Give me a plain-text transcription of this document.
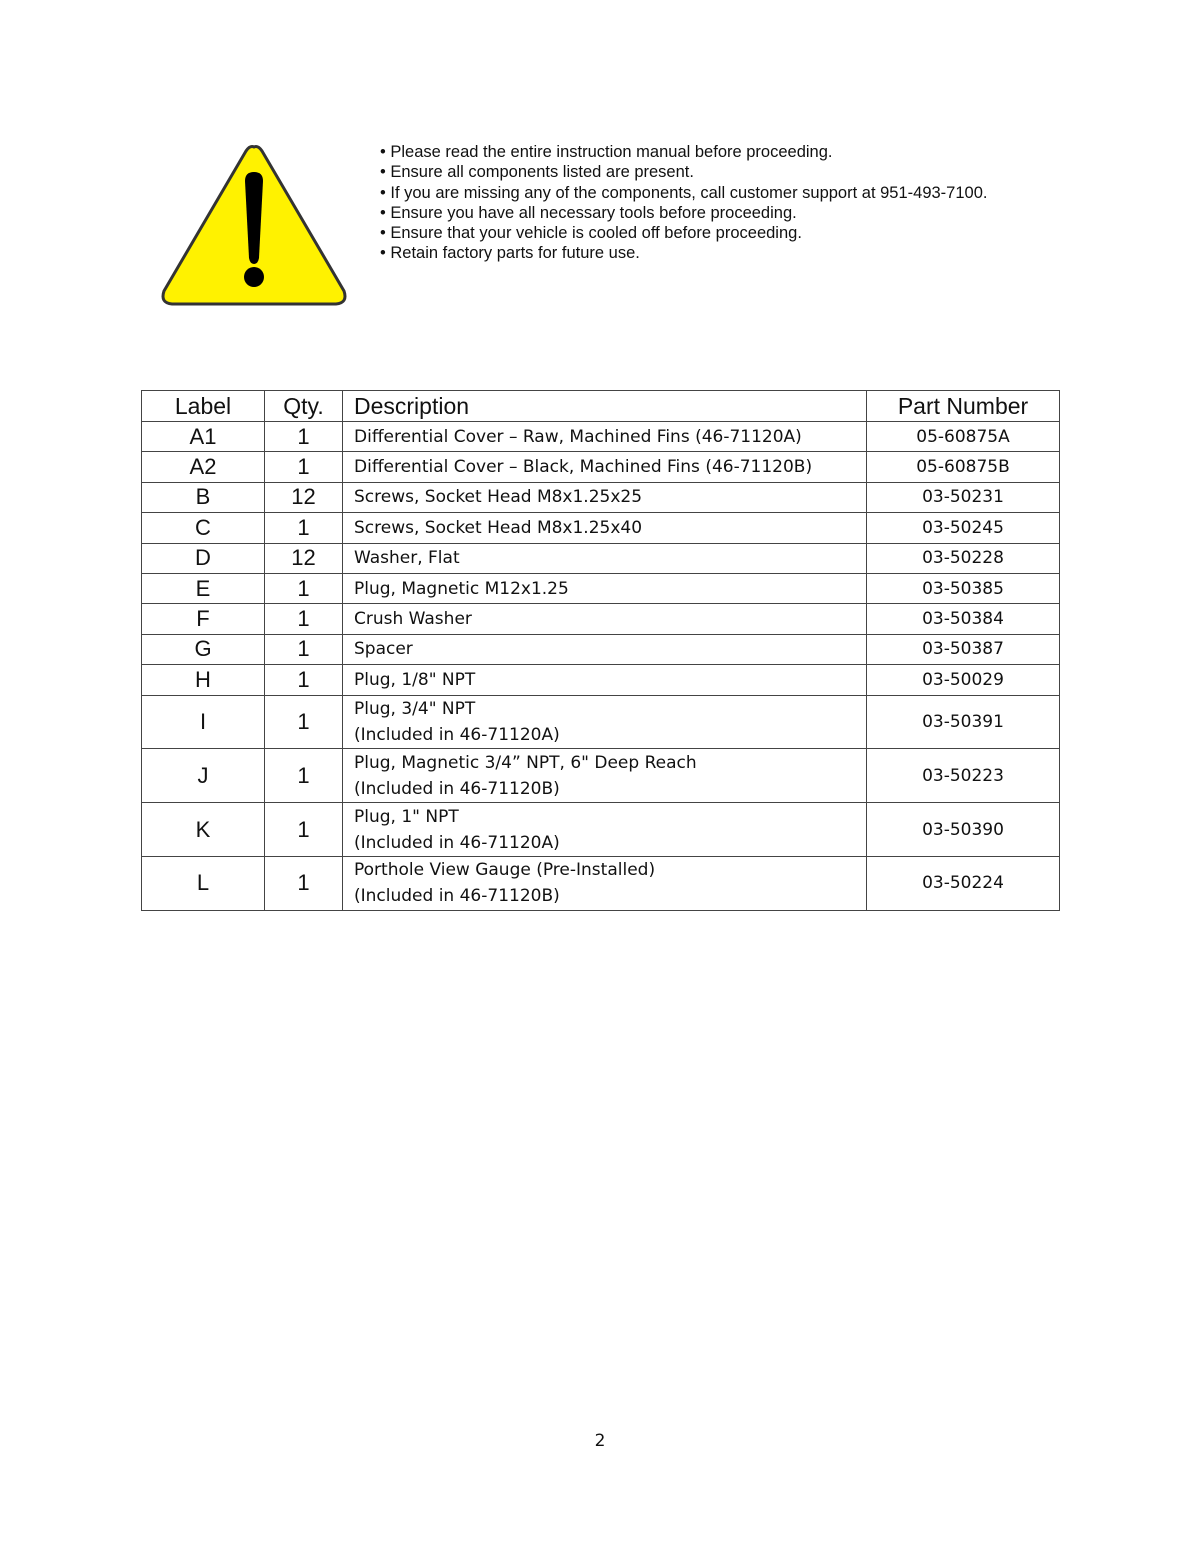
• Please read the entire instruction manual before proceeding.
• Ensure all components listed are present.
• If you are missing any of the components, call customer support at 951-493-7100.
• Ensure you have all necessary tools before proceeding.
• Ensure that your vehicle is cooled off before proceeding.
• Retain factory parts for future use.
Label	Qty.	Description	Part Number
A1	1	Differential Cover – Raw, Machined Fins (46-71120A)	05-60875A
A2	1	Differential Cover – Black, Machined Fins (46-71120B)	05-60875B
B	12	Screws, Socket Head M8x1.25x25	03-50231
C	1	Screws, Socket Head M8x1.25x40	03-50245
D	12	Washer, Flat	03-50228
E	1	Plug, Magnetic M12x1.25	03-50385
F	1	Crush Washer	03-50384
G	1	Spacer	03-50387
H	1	Plug, 1/8" NPT	03-50029
I	1	Plug, 3/4" NPT
(Included in 46-71120A)	03-50391
J	1	Plug, Magnetic 3/4” NPT, 6" Deep Reach
(Included in 46-71120B)	03-50223
K	1	Plug, 1" NPT
(Included in 46-71120A)	03-50390
L	1	Porthole View Gauge (Pre-Installed)
(Included in 46-71120B)	03-50224
2
